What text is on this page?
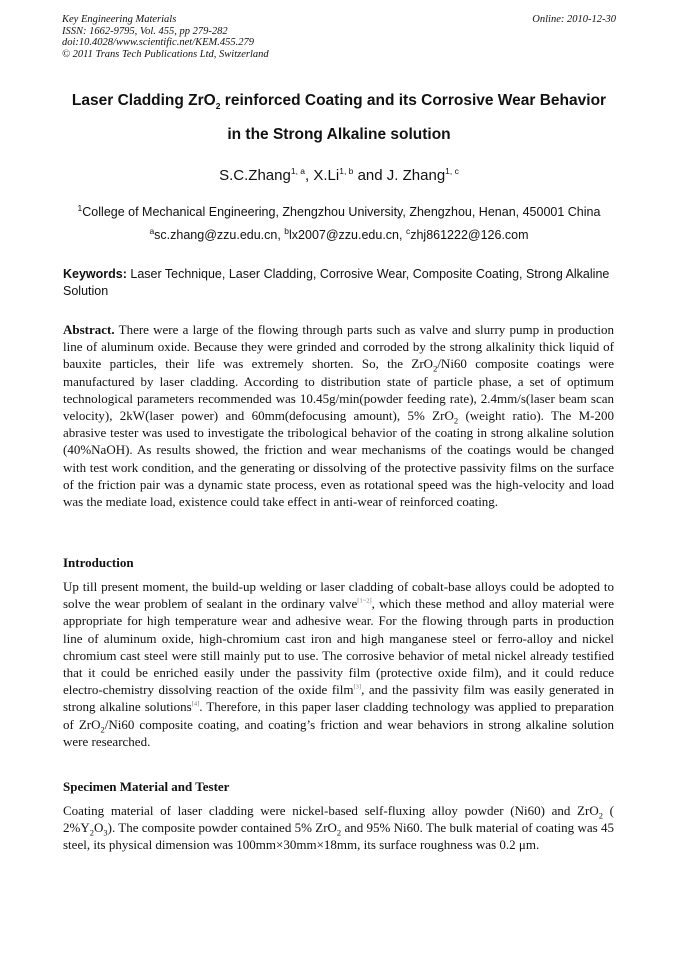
Key Engineering Materials
ISSN: 1662-9795, Vol. 455, pp 279-282
doi:10.4028/www.scientific.net/KEM.455.279
© 2011 Trans Tech Publications Ltd, Switzerland
Online: 2010-12-30
Laser Cladding ZrO$_2$ reinforced Coating and its Corrosive Wear Behavior
in the Strong Alkaline solution
S.C.Zhang$^{1, a}$, X.Li$^{1, b}$ and J. Zhang$^{1, c}$
$^1$College of Mechanical Engineering, Zhengzhou University, Zhengzhou, Henan, 450001 China
$^a$sc.zhang@zzu.edu.cn, $^b$lx2007@zzu.edu.cn, $^c$zhj861222@126.com
Keywords: Laser Technique, Laser Cladding, Corrosive Wear, Composite Coating, Strong Alkaline Solution
Abstract. There were a large of the flowing through parts such as valve and slurry pump in production line of aluminum oxide. Because they were grinded and corroded by the strong alkalinity thick liquid of bauxite particles, their life was extremely shorten. So, the ZrO$_2$/Ni60 composite coatings were manufactured by laser cladding. According to distribution state of particle phase, a set of optimum technological parameters recommended was 10.45g/min(powder feeding rate), 2.4mm/s(laser beam scan velocity), 2kW(laser power) and 60mm(defocusing amount), 5% ZrO$_2$ (weight ratio). The M-200 abrasive tester was used to investigate the tribological behavior of the coating in strong alkaline solution (40%NaOH). As results showed, the friction and wear mechanisms of the coatings would be changed with test work condition, and the generating or dissolving of the protective passivity films on the surface of the friction pair was a dynamic state process, even as rotational speed was the high-velocity and load was the mediate load, existence could take effect in anti-wear of reinforced coating.
Introduction
Up till present moment, the build-up welding or laser cladding of cobalt-base alloys could be adopted to solve the wear problem of sealant in the ordinary valve[1~2], which these method and alloy material were appropriate for high temperature wear and adhesive wear. For the flowing through parts in production line of aluminum oxide, high-chromium cast iron and high manganese steel or ferro-alloy and nickel chromium cast steel were still mainly put to use. The corrosive behavior of metal nickel already testified that it could be enriched easily under the passivity film (protective oxide film), and it could reduce electro-chemistry dissolving reaction of the oxide film[3], and the passivity film was easily generated in strong alkaline solutions[4]. Therefore, in this paper laser cladding technology was applied to preparation of ZrO$_2$/Ni60 composite coating, and coating’s friction and wear behaviors in strong alkaline solution were researched.
Specimen Material and Tester
Coating material of laser cladding were nickel-based self-fluxing alloy powder (Ni60) and ZrO$_2$ ( $2\%Y_2O_3$). The composite powder contained 5% ZrO$_2$ and 95% Ni60. The bulk material of coating was 45 steel, its physical dimension was 100mm×30mm×18mm, its surface roughness was 0.2 μm.
